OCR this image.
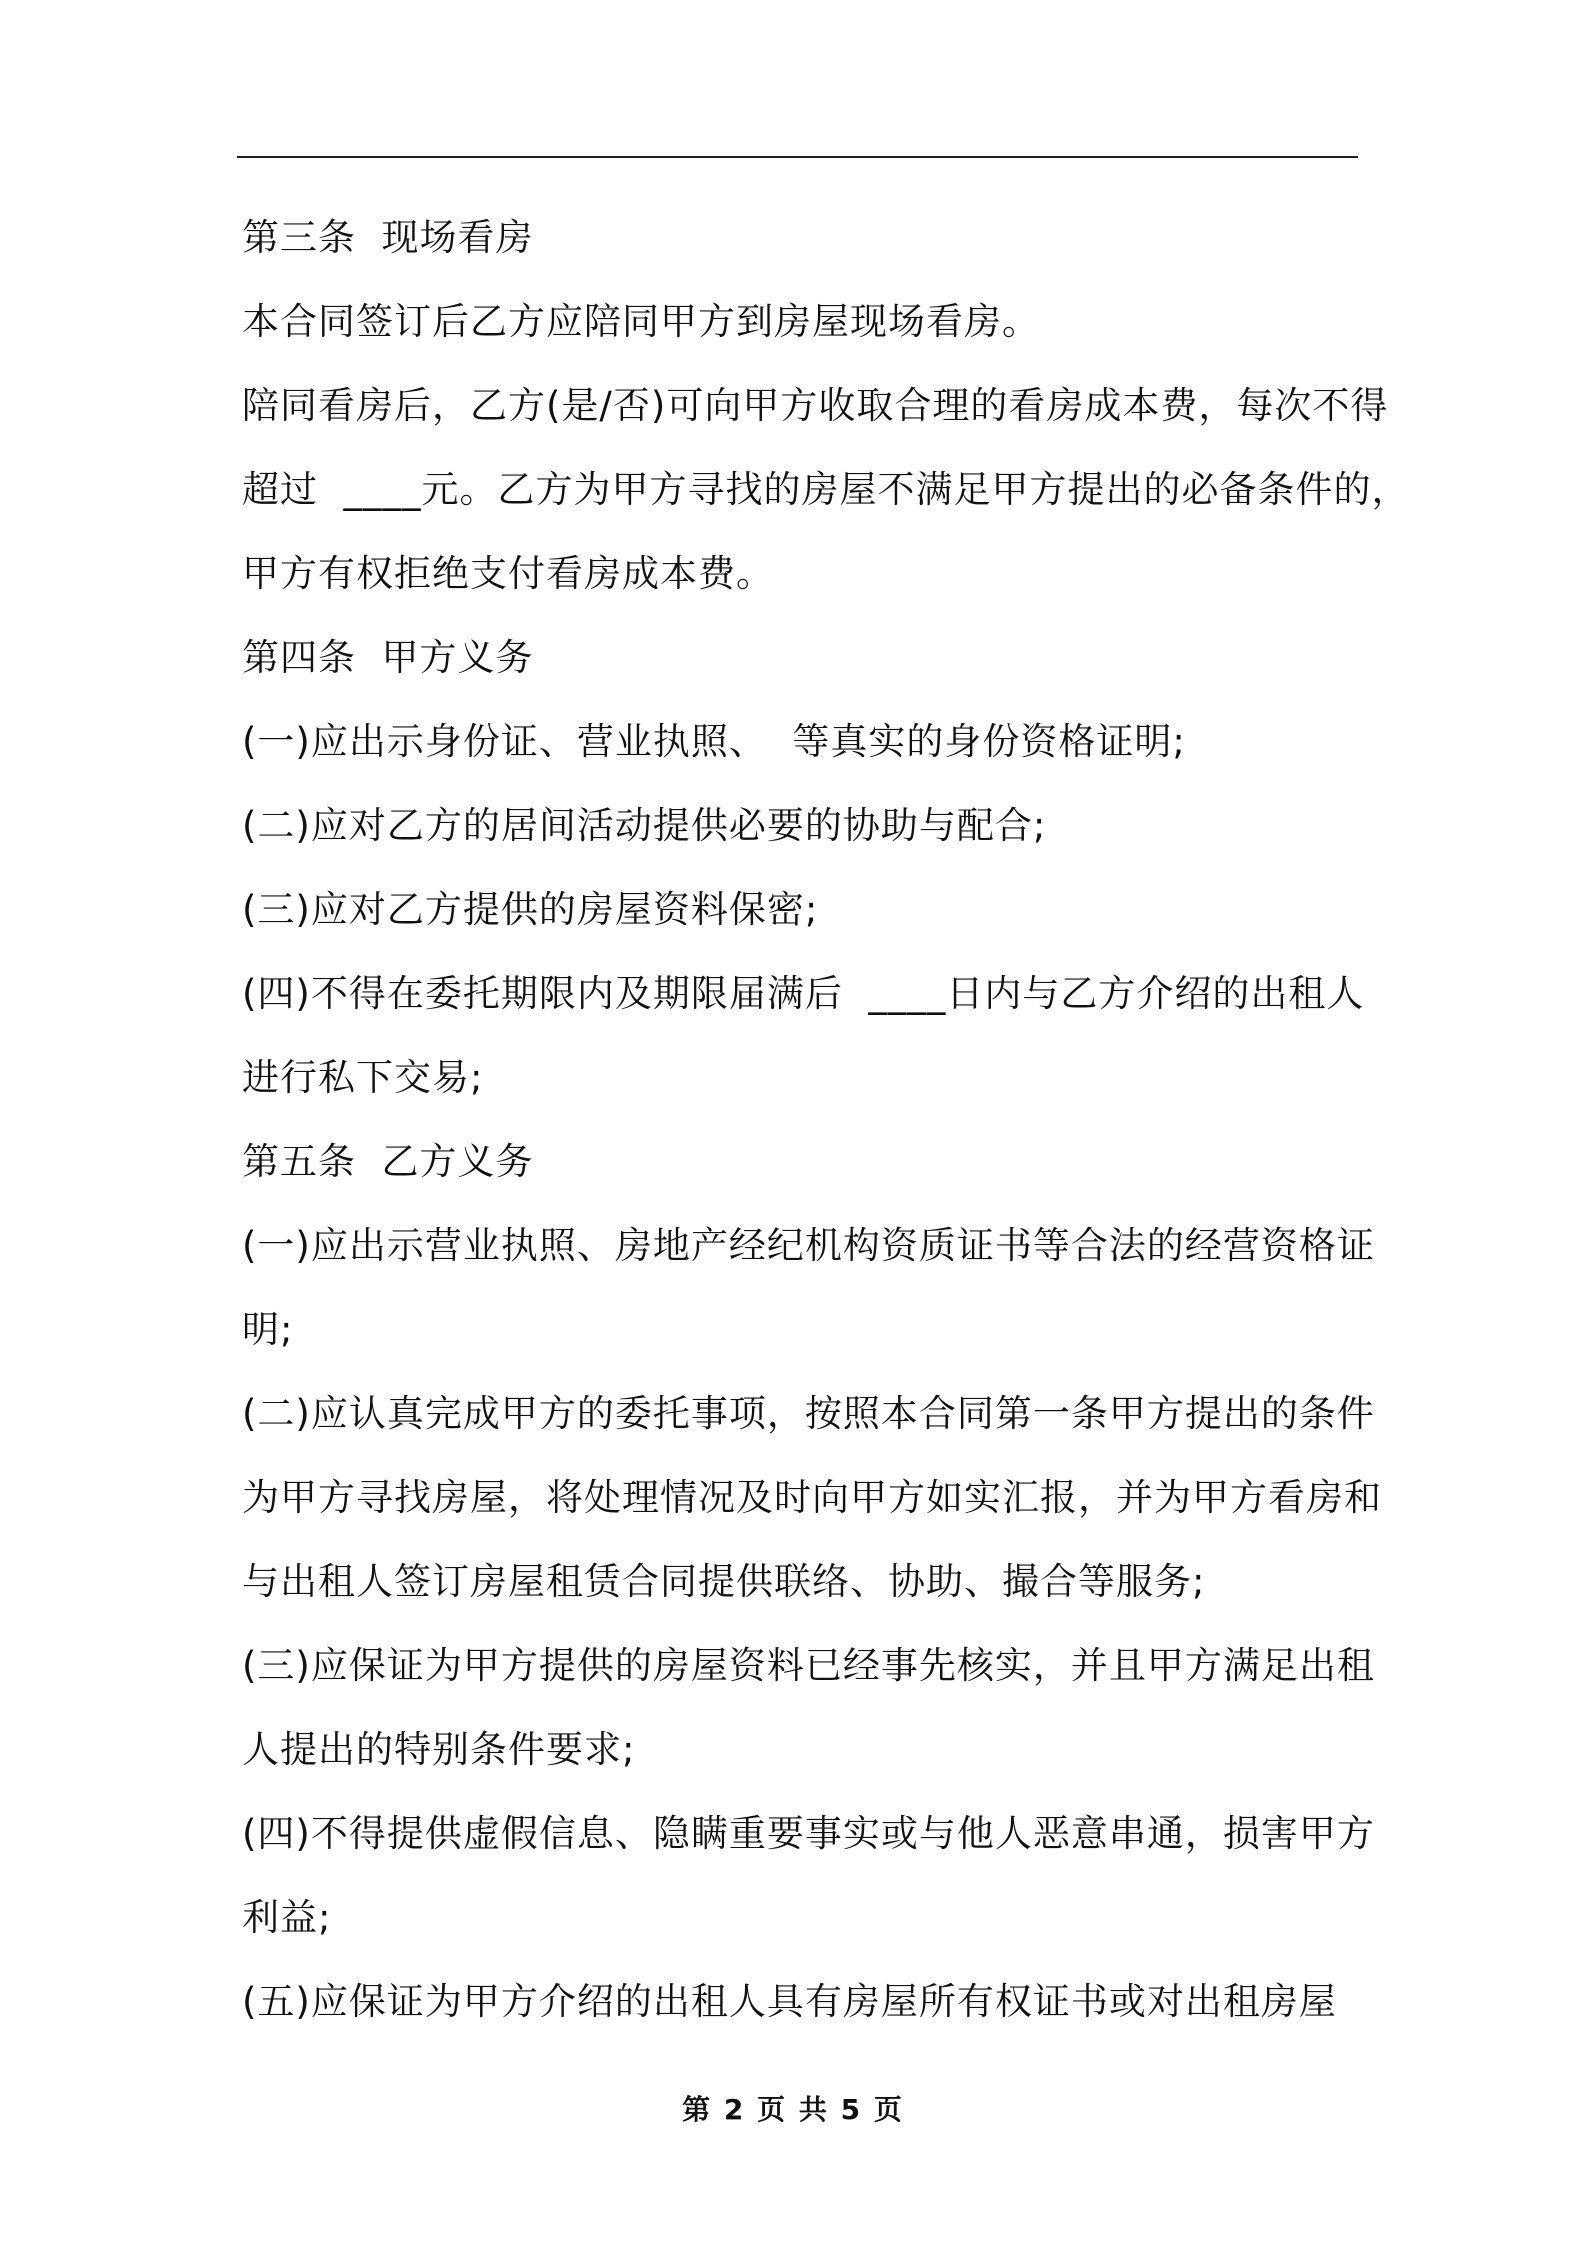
第三条  现场看房
本合同签订后乙方应陪同甲方到房屋现场看房。
陪同看房后，乙方(是/否)可向甲方收取合理的看房成本费，每次不得
超过  ____元。乙方为甲方寻找的房屋不满足甲方提出的必备条件的，
甲方有权拒绝支付看房成本费。
第四条  甲方义务
(一)应出示身份证、营业执照、  等真实的身份资格证明;
(二)应对乙方的居间活动提供必要的协助与配合;
(三)应对乙方提供的房屋资料保密;
(四)不得在委托期限内及期限届满后  ____日内与乙方介绍的出租人
进行私下交易;
第五条  乙方义务
(一)应出示营业执照、房地产经纪机构资质证书等合法的经营资格证
明;
(二)应认真完成甲方的委托事项，按照本合同第一条甲方提出的条件
为甲方寻找房屋，将处理情况及时向甲方如实汇报，并为甲方看房和
与出租人签订房屋租赁合同提供联络、协助、撮合等服务;
(三)应保证为甲方提供的房屋资料已经事先核实，并且甲方满足出租
人提出的特别条件要求;
(四)不得提供虚假信息、隐瞒重要事实或与他人恶意串通，损害甲方
利益;
(五)应保证为甲方介绍的出租人具有房屋所有权证书或对出租房屋
第 2 页 共 5 页
